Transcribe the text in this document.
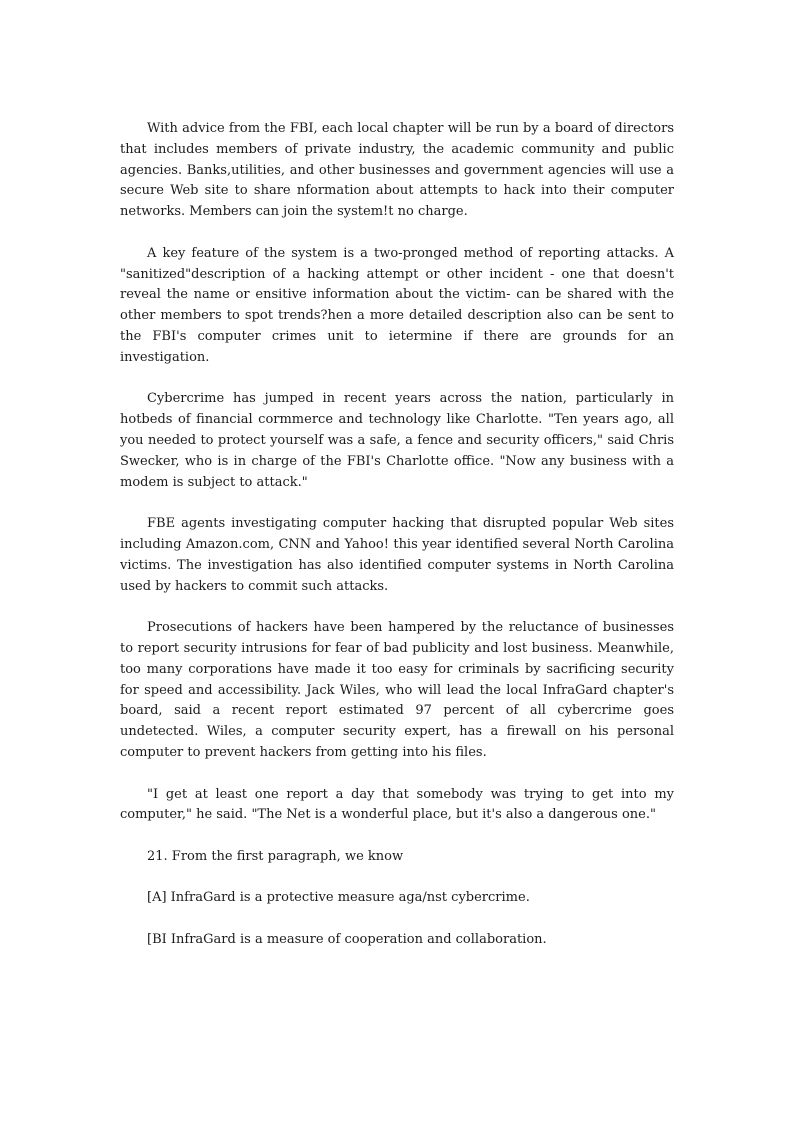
With advice from the FBI, each local chapter will be run by a board of directors that includes members of private industry, the academic community and public agencies. Banks,utilities, and other businesses and government agencies will use a secure Web site to share nformation about attempts to hack into their computer networks. Members can join the system!t no charge.

A key feature of the system is a two-pronged method of reporting attacks. A "sanitized"description of a hacking attempt or other incident - one that doesn't reveal the name or ensitive information about the victim- can be shared with the other members to spot trends?hen a more detailed description also can be sent to the FBI's computer crimes unit to ietermine if there are grounds for an investigation.

Cybercrime has jumped in recent years across the nation, particularly in hotbeds of financial cormmerce and technology like Charlotte. "Ten years ago, all you needed to protect yourself was a safe, a fence and security officers," said Chris Swecker, who is in charge of the FBI's Charlotte office. "Now any business with a modem is subject to attack."

FBE agents investigating computer hacking that disrupted popular Web sites including Amazon.com, CNN and Yahoo! this year identified several North Carolina victims. The investigation has also identified computer systems in North Carolina used by hackers to commit such attacks.

Prosecutions of hackers have been hampered by the reluctance of businesses to report security intrusions for fear of bad publicity and lost business. Meanwhile, too many corporations have made it too easy for criminals by sacrificing security for speed and accessibility. Jack Wiles, who will lead the local InfraGard chapter's board, said a recent report estimated 97 percent of all cybercrime goes undetected. Wiles, a computer security expert, has a firewall on his personal computer to prevent hackers from getting into his files.

"I get at least one report a day that somebody was trying to get into my computer," he said. "The Net is a wonderful place, but it's also a dangerous one."

21. From the first paragraph, we know

[A] InfraGard is a protective measure aga/nst cybercrime.

[BI InfraGard is a measure of cooperation and collaboration.
